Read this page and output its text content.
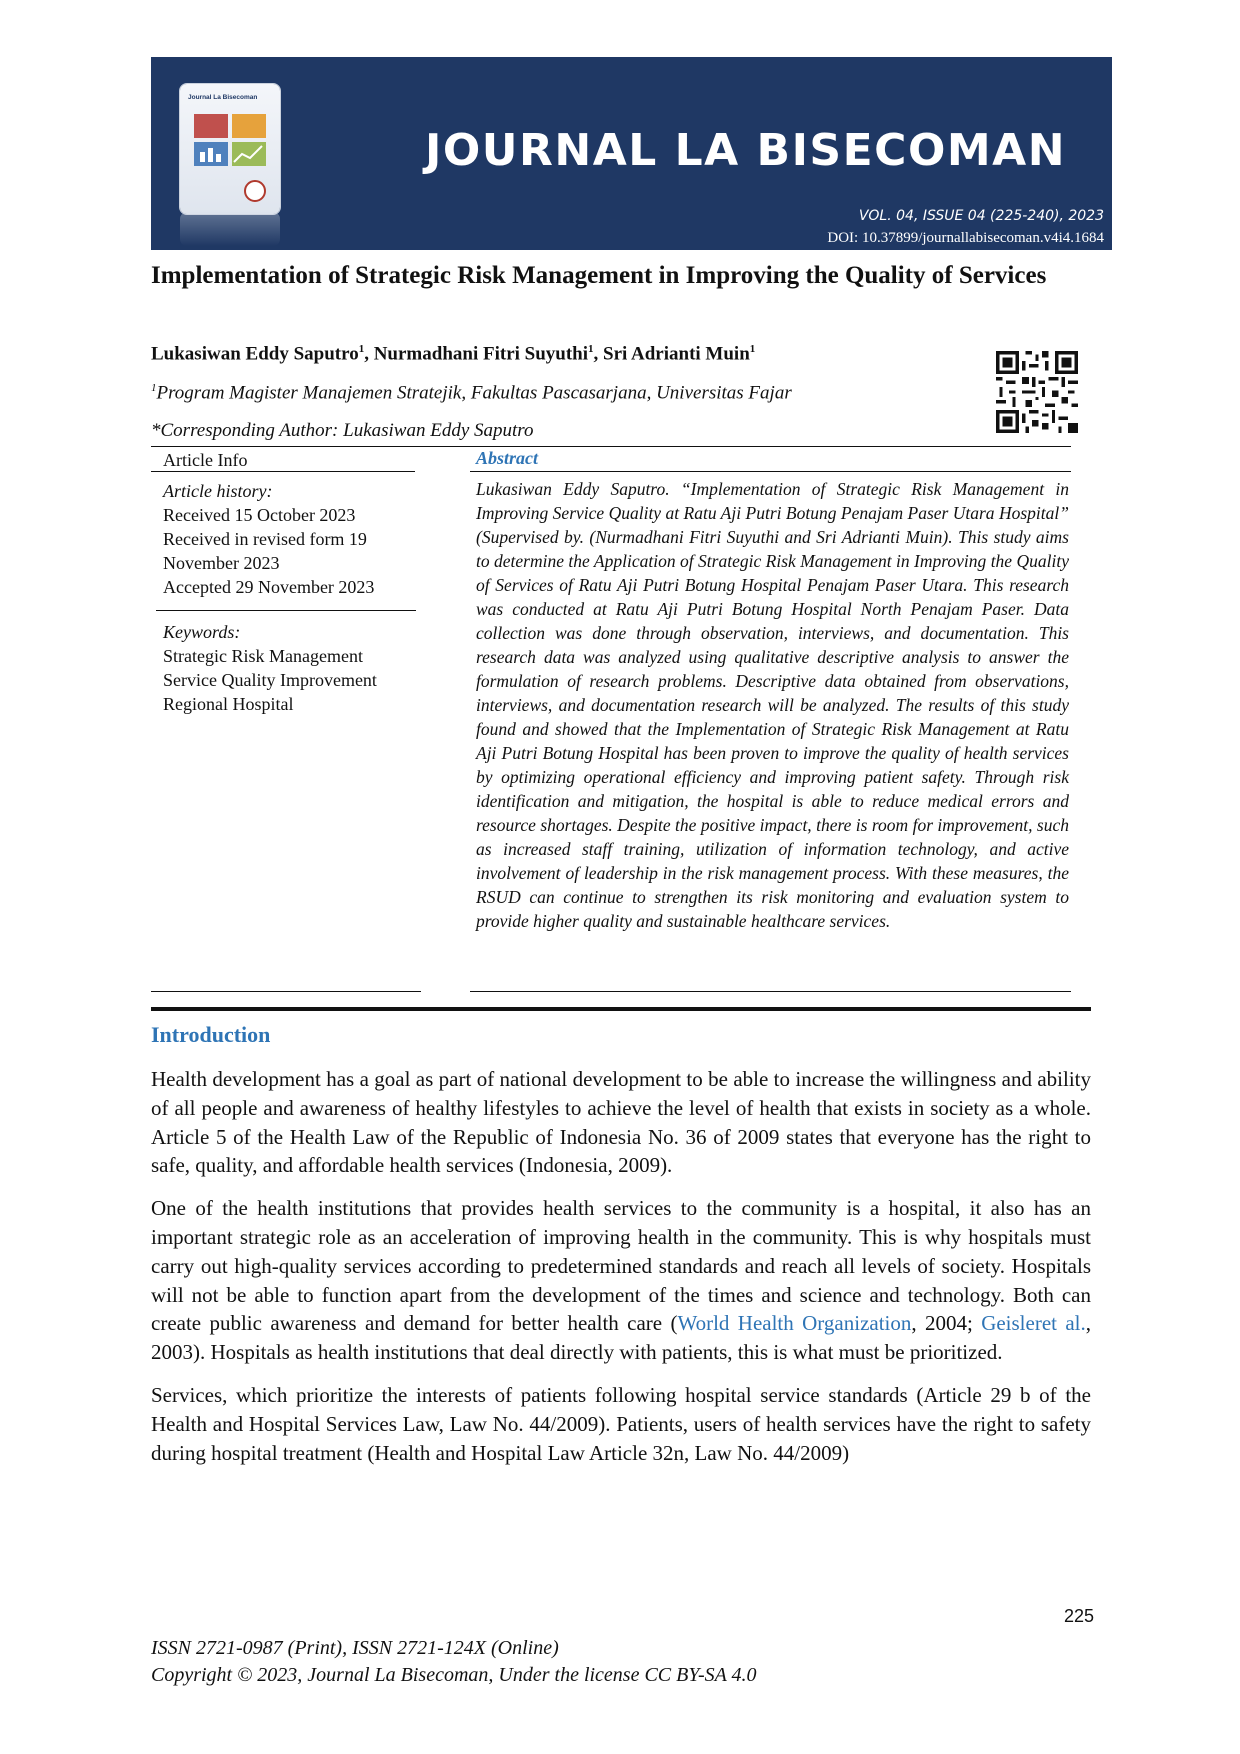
Journal La Bisecoman
JOURNAL LA BISECOMAN
VOL. 04, ISSUE 04 (225-240), 2023
DOI: 10.37899/journallabisecoman.v4i4.1684
Implementation of Strategic Risk Management in Improving the Quality of Services
Lukasiwan Eddy Saputro$^1$, Nurmadhani Fitri Suyuthi$^1$, Sri Adrianti Muin$^1$
$^1$Program Magister Manajemen Stratejik, Fakultas Pascasarjana, Universitas Fajar
*Corresponding Author: Lukasiwan Eddy Saputro
Article Info
Article history:
Received 15 October 2023
Received in revised form 19 November 2023
Accepted 29 November 2023
Keywords:
Strategic Risk Management
Service Quality Improvement
Regional Hospital
Abstract
Lukasiwan Eddy Saputro. “Implementation of Strategic Risk Management in Improving Service Quality at Ratu Aji Putri Botung Penajam Paser Utara Hospital” (Supervised by. (Nurmadhani Fitri Suyuthi and Sri Adrianti Muin). This study aims to determine the Application of Strategic Risk Management in Improving the Quality of Services of Ratu Aji Putri Botung Hospital Penajam Paser Utara. This research was conducted at Ratu Aji Putri Botung Hospital North Penajam Paser. Data collection was done through observation, interviews, and documentation. This research data was analyzed using qualitative descriptive analysis to answer the formulation of research problems. Descriptive data obtained from observations, interviews, and documentation research will be analyzed. The results of this study found and showed that the Implementation of Strategic Risk Management at Ratu Aji Putri Botung Hospital has been proven to improve the quality of health services by optimizing operational efficiency and improving patient safety. Through risk identification and mitigation, the hospital is able to reduce medical errors and resource shortages. Despite the positive impact, there is room for improvement, such as increased staff training, utilization of information technology, and active involvement of leadership in the risk management process. With these measures, the RSUD can continue to strengthen its risk monitoring and evaluation system to provide higher quality and sustainable healthcare services.
Introduction

Health development has a goal as part of national development to be able to increase the willingness and ability of all people and awareness of healthy lifestyles to achieve the level of health that exists in society as a whole. Article 5 of the Health Law of the Republic of Indonesia No. 36 of 2009 states that everyone has the right to safe, quality, and affordable health services (Indonesia, 2009).

One of the health institutions that provides health services to the community is a hospital, it also has an important strategic role as an acceleration of improving health in the community. This is why hospitals must carry out high-quality services according to predetermined standards and reach all levels of society. Hospitals will not be able to function apart from the development of the times and science and technology. Both can create public awareness and demand for better health care (World Health Organization, 2004; Geisleret al., 2003). Hospitals as health institutions that deal directly with patients, this is what must be prioritized.

Services, which prioritize the interests of patients following hospital service standards (Article 29 b of the Health and Hospital Services Law, Law No. 44/2009). Patients, users of health services have the right to safety during hospital treatment (Health and Hospital Law Article 32n, Law No. 44/2009)

225
ISSN 2721-0987 (Print), ISSN 2721-124X (Online)
Copyright © 2023, Journal La Bisecoman, Under the license CC BY-SA 4.0
